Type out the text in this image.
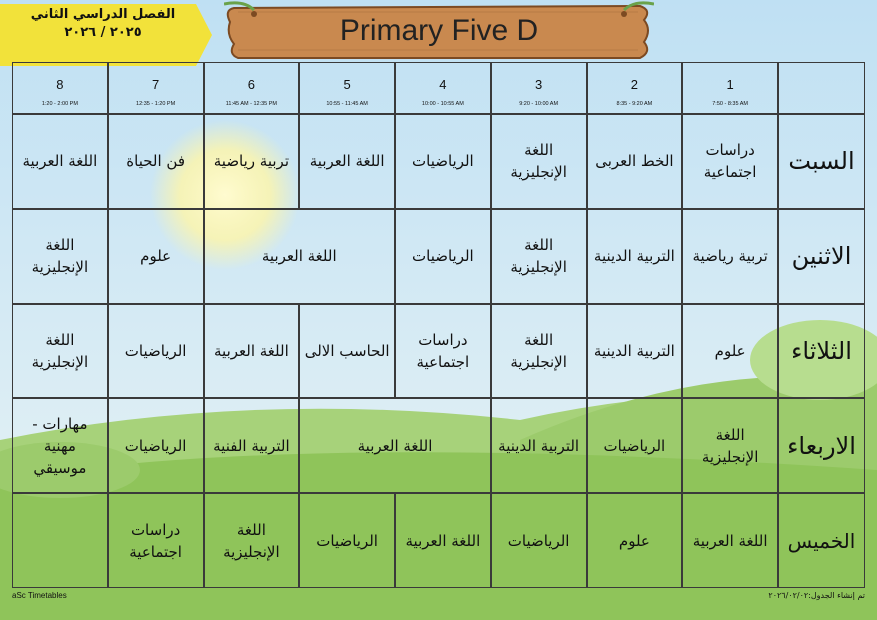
الفصل الدراسي الثاني
٢٠٢٥ / ٢٠٢٦	Primary Five D
1
7:50 - 8:35 AM
2
8:35 - 9:20 AM
3
9:20 - 10:00 AM
4
10:00 - 10:55 AM
5
10:55 - 11:45 AM
6
11:45 AM - 12:35 PM
7
12:35 - 1:20 PM
8
1:20 - 2:00 PM
السبت
دراسات اجتماعية
الخط العربى
اللغة الإنجليزية
الرياضيات
اللغة العربية
تربية رياضية
فن الحياة
اللغة العربية
الاثنين
تربية رياضية
التربية الدينية
اللغة الإنجليزية
الرياضيات
اللغة العربية
علوم
اللغة الإنجليزية
الثلاثاء
علوم
التربية الدينية
اللغة الإنجليزية
دراسات اجتماعية
الحاسب الالى
اللغة العربية
الرياضيات
اللغة الإنجليزية
الاربعاء
اللغة الإنجليزية
الرياضيات
التربية الدينية
اللغة العربية
التربية الفنية
الرياضيات
مهارات - مهنية موسيقي
الخميس
اللغة العربية
علوم
الرياضيات
اللغة العربية
الرياضيات
اللغة الإنجليزية
دراسات اجتماعية
aSc Timetables	تم إنشاء الجدول:٢٠٢٦/٠٢/٠٢
